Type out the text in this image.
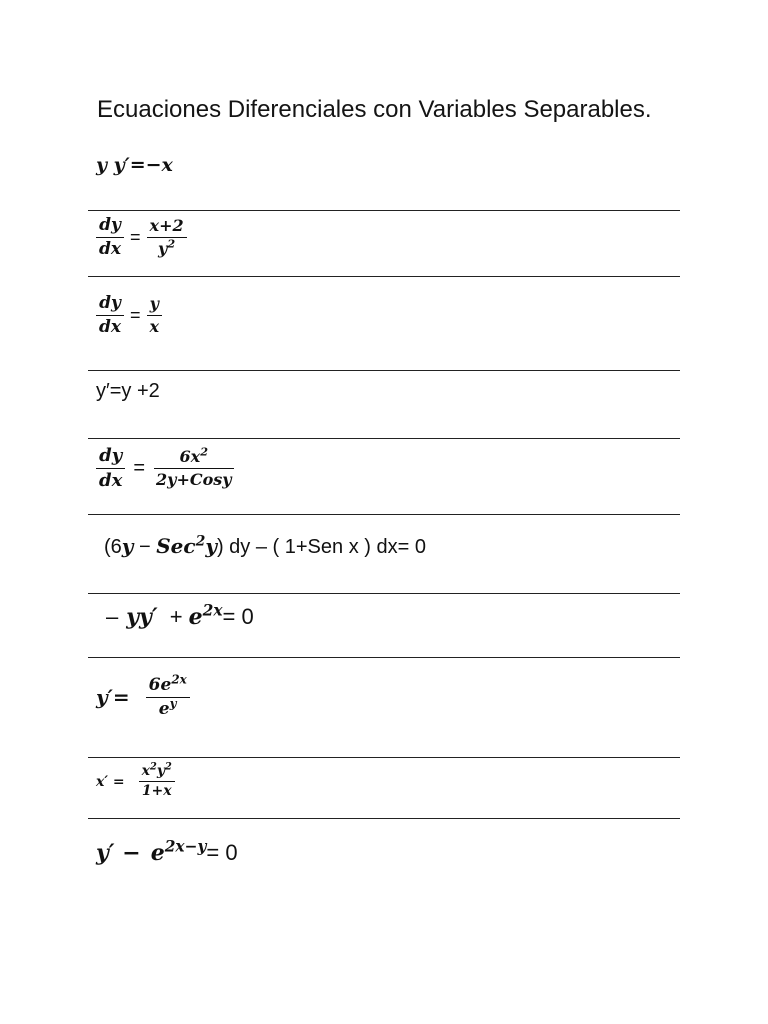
Ecuaciones Diferenciales con Variables Separables.
y y′=−x
$\frac{dy}{dx} = \frac{x+2}{y^2}$
$\frac{dy}{dx} = \frac{y}{x}$
y′=y +2
$\frac{dy}{dx} = \frac{6x^2}{\text{2y+Cosy}}$
(6y − Sec$^2$y) dy – ( 1+Sen x ) dx= 0
– $yy' + e^{2x}= 0$
$y'= \frac{6e^{2x}}{e^y}$
$x' = \frac{x^2y^2}{1+x}$
$y' - e^{2x-y}= 0$
